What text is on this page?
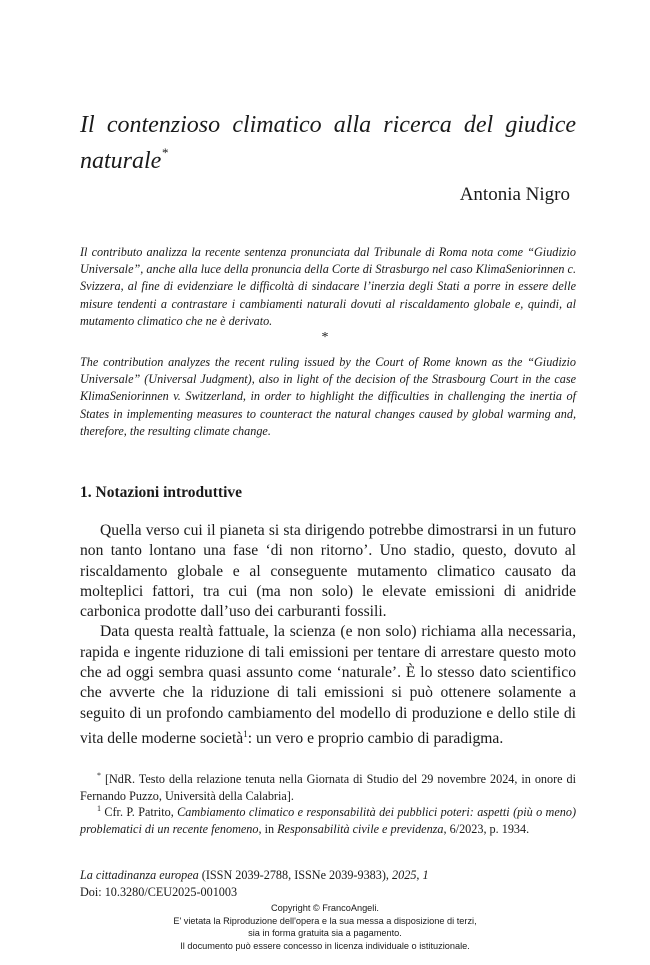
Il contenzioso climatico alla ricerca del giudice naturale*

Antonia Nigro

Il contributo analizza la recente sentenza pronunciata dal Tribunale di Roma nota come “Giudizio Universale”, anche alla luce della pronuncia della Corte di Strasburgo nel caso KlimaSeniorinnen c. Svizzera, al fine di evidenziare le difficoltà di sindacare l’inerzia degli Stati a porre in essere delle misure tendenti a contrastare i cambiamenti naturali dovuti al riscaldamento globale e, quindi, al mutamento climatico che ne è derivato.

*

The contribution analyzes the recent ruling issued by the Court of Rome known as the “Giudizio Universale” (Universal Judgment), also in light of the decision of the Strasbourg Court in the case KlimaSeniorinnen v. Switzerland, in order to highlight the difficulties in challenging the inertia of States in implementing measures to counteract the natural changes caused by global warming and, therefore, the resulting climate change.

1. Notazioni introduttive

Quella verso cui il pianeta si sta dirigendo potrebbe dimostrarsi in un futuro non tanto lontano una fase ‘di non ritorno’. Uno stadio, questo, dovuto al riscaldamento globale e al conseguente mutamento climatico causato da molteplici fattori, tra cui (ma non solo) le elevate emissioni di anidride carbonica prodotte dall’uso dei carburanti fossili.

Data questa realtà fattuale, la scienza (e non solo) richiama alla necessaria, rapida e ingente riduzione di tali emissioni per tentare di arrestare questo moto che ad oggi sembra quasi assunto come ‘naturale’. È lo stesso dato scientifico che avverte che la riduzione di tali emissioni si può ottenere solamente a seguito di un profondo cambiamento del modello di produzione e dello stile di vita delle moderne società$^1$: un vero e proprio cambio di paradigma.

* [NdR. Testo della relazione tenuta nella Giornata di Studio del 29 novembre 2024, in onore di Fernando Puzzo, Università della Calabria].

$^1$ Cfr. P. Patrito, Cambiamento climatico e responsabilità dei pubblici poteri: aspetti (più o meno) problematici di un recente fenomeno, in Responsabilità civile e previdenza, 6/2023, p. 1934.

La cittadinanza europea (ISSN 2039-2788, ISSNe 2039-9383), 2025, 1
Doi: 10.3280/CEU2025-001003
Copyright © FrancoAngeli.
E' vietata la Riproduzione dell'opera e la sua messa a disposizione di terzi,
sia in forma gratuita sia a pagamento.
Il documento può essere concesso in licenza individuale o istituzionale.
